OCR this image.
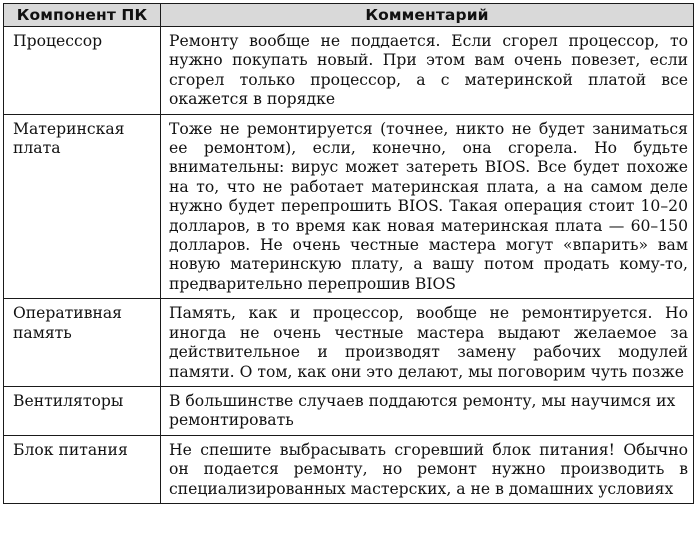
Компонент ПК	Комментарий
Процессор	Ремонту вообще не поддается. Если сгорел процессор, то нужно покупать новый. При этом вам очень повезет, если сгорел только процессор, а с материнской платой все окажется в порядке
Материнская плата	Тоже не ремонтируется (точнее, никто не будет заниматься ее ремонтом), если, конечно, она сгорела. Но будьте внимательны: вирус может затереть BIOS. Все будет похоже на то, что не работает материнская плата, а на самом деле нужно будет перепрошить BIOS. Такая операция стоит 10–20 долларов, в то время как новая материнская плата — 60–150 долларов. Не очень честные мастера могут «впарить» вам новую материнскую плату, а вашу потом продать кому-то, предварительно перепрошив BIOS
Оперативная память	Память, как и процессор, вообще не ремонтируется. Но иногда не очень честные мастера выдают желаемое за действительное и производят замену рабочих модулей памяти. О том, как они это делают, мы поговорим чуть позже
Вентиляторы	В большинстве случаев поддаются ремонту, мы научимся их ремонтировать
Блок питания	Не спешите выбрасывать сгоревший блок питания! Обычно он подается ремонту, но ремонт нужно производить в специализированных мастерских, а не в домашних условиях
